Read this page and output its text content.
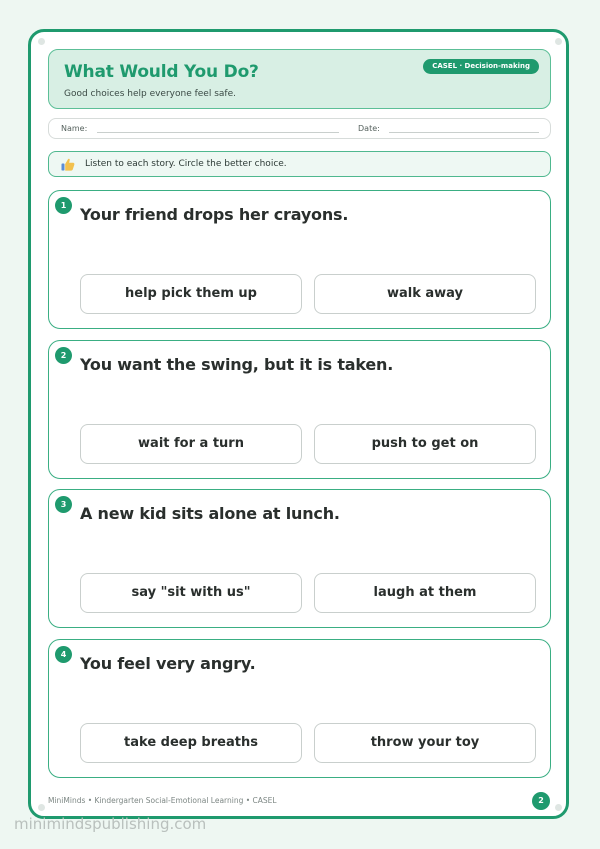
What Would You Do?
Good choices help everyone feel safe.
CASEL · Decision-making
Name:	Date:
Listen to each story. Circle the better choice.
1 Your friend drops her crayons.
help pick them up	walk away
2 You want the swing, but it is taken.
wait for a turn	push to get on
3 A new kid sits alone at lunch.
say "sit with us"	laugh at them
4 You feel very angry.
take deep breaths	throw your toy
MiniMinds • Kindergarten Social-Emotional Learning • CASEL	2
minimindspublishing.com
